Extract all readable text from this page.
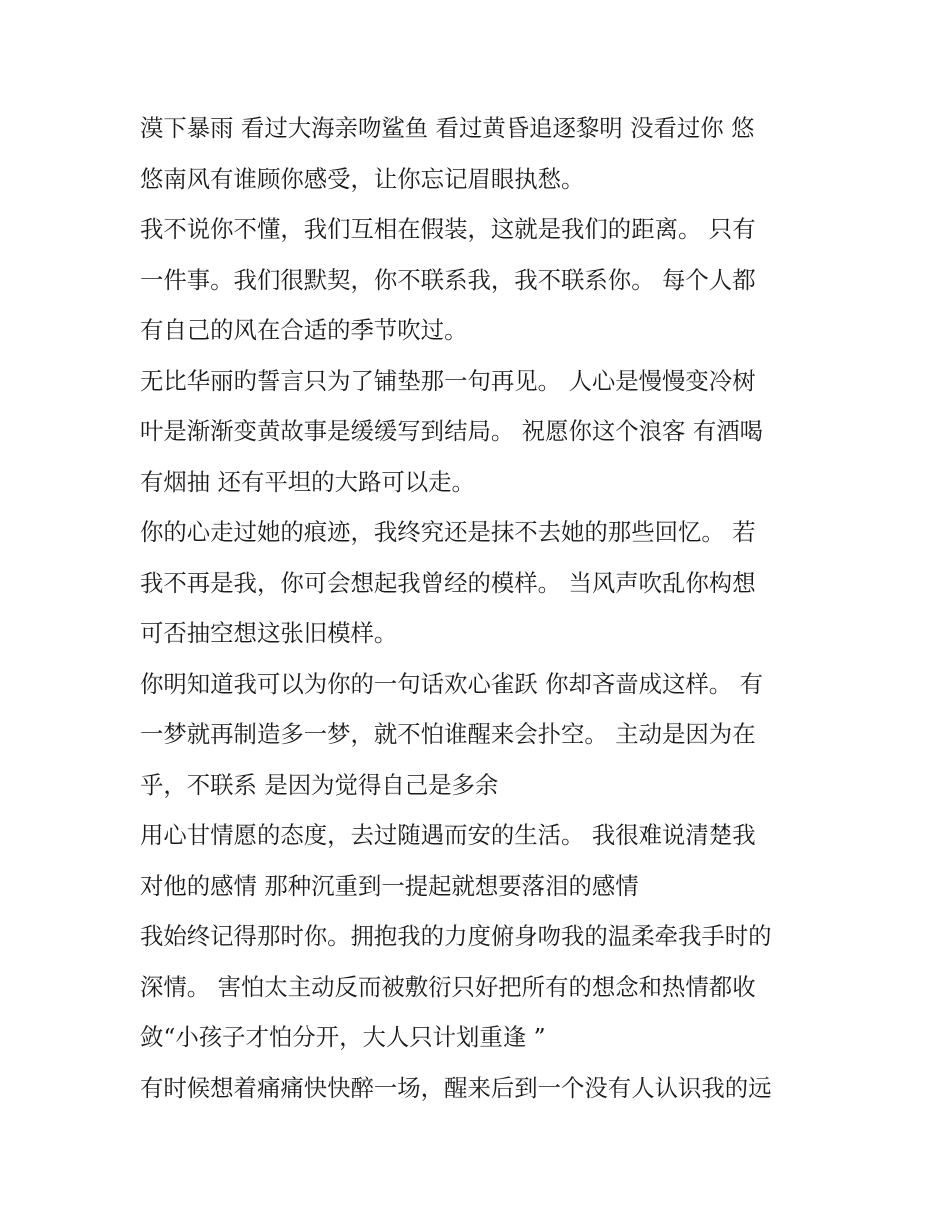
漠下暴雨 看过大海亲吻鲨鱼 看过黄昏追逐黎明 没看过你 悠
悠南风有谁顾你感受，让你忘记眉眼执愁。
我不说你不懂，我们互相在假装，这就是我们的距离。 只有
一件事。我们很默契，你不联系我，我不联系你。 每个人都
有自己的风在合适的季节吹过。
无比华丽旳誓言只为了铺垫那一句再见。 人心是慢慢变冷树
叶是渐渐变黄故事是缓缓写到结局。 祝愿你这个浪客 有酒喝
有烟抽 还有平坦的大路可以走。
你的心走过她的痕迹，我终究还是抹不去她的那些回忆。 若
我不再是我，你可会想起我曾经的模样。 当风声吹乱你构想
可否抽空想这张旧模样。
你明知道我可以为你的一句话欢心雀跃 你却吝啬成这样。 有
一梦就再制造多一梦，就不怕谁醒来会扑空。 主动是因为在
乎，不联系 是因为觉得自己是多余
用心甘情愿的态度，去过随遇而安的生活。 我很难说清楚我
对他的感情 那种沉重到一提起就想要落泪的感情
我始终记得那时你。拥抱我的力度俯身吻我的温柔牵我手时的
深情。 害怕太主动反而被敷衍只好把所有的想念和热情都收
敛“小孩子才怕分开，大人只计划重逢 ”
有时候想着痛痛快快醉一场，醒来后到一个没有人认识我的远
